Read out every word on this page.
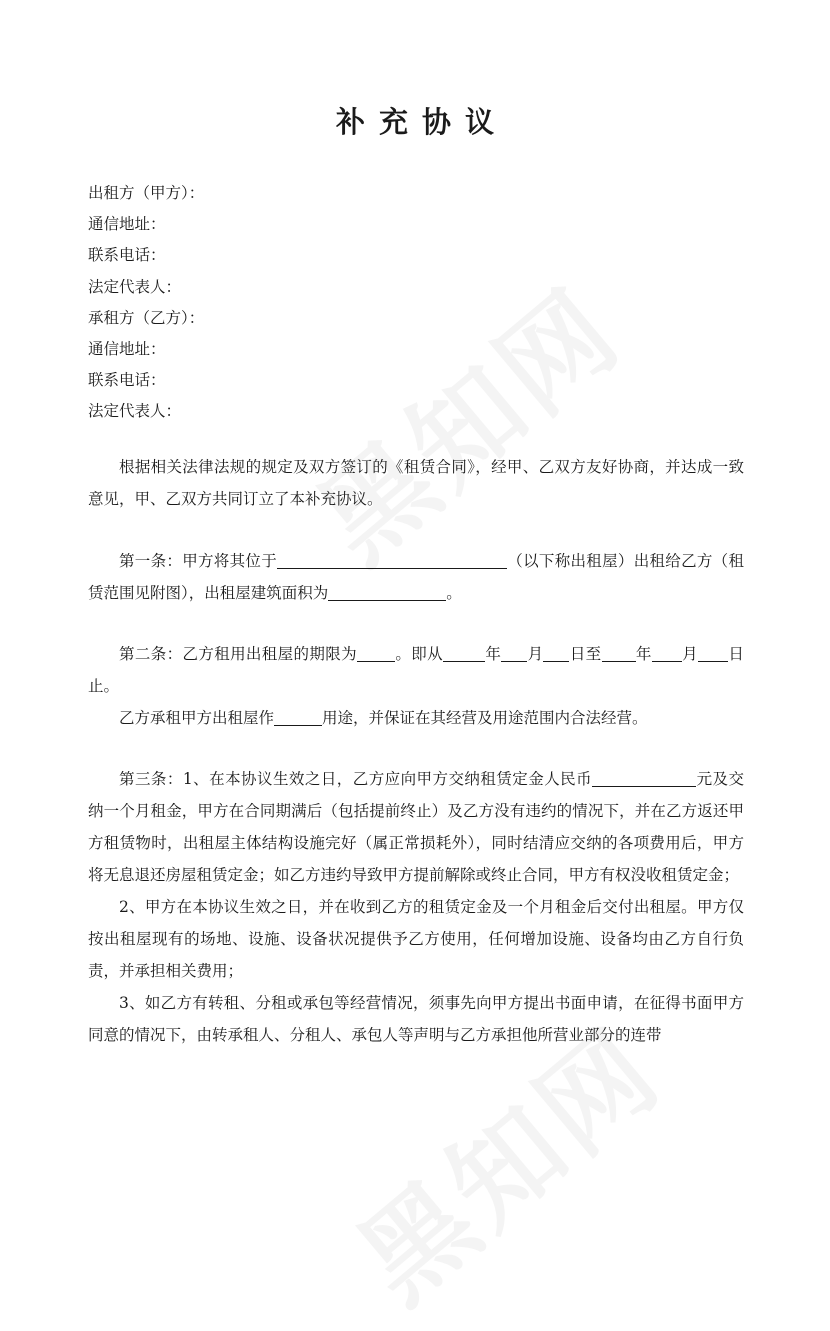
补充协议
出租方（甲方）：
通信地址：
联系电话：
法定代表人：
承租方（乙方）：
通信地址：
联系电话：
法定代表人：

根据相关法律法规的规定及双方签订的《租赁合同》，经甲、乙双方友好协商，并达成一致意见，甲、乙双方共同订立了本补充协议。

第一条：甲方将其位于	（以下称出租屋）出租给乙方（租赁范围见附图），出租屋建筑面积为	。

第二条：乙方租用出租屋的期限为 。即从	年 月 日至 年 月 日止。

乙方承租甲方出租屋作	用途，并保证在其经营及用途范围内合法经营。

第三条：1、在本协议生效之日，乙方应向甲方交纳租赁定金人民币	元及交纳一个月租金，甲方在合同期满后（包括提前终止）及乙方没有违约的情况下，并在乙方返还甲方租赁物时，出租屋主体结构设施完好（属正常损耗外），同时结清应交纳的各项费用后，甲方将无息退还房屋租赁定金；如乙方违约导致甲方提前解除或终止合同，甲方有权没收租赁定金；

2、甲方在本协议生效之日，并在收到乙方的租赁定金及一个月租金后交付出租屋。甲方仅按出租屋现有的场地、设施、设备状况提供予乙方使用，任何增加设施、设备均由乙方自行负责，并承担相关费用；

3、如乙方有转租、分租或承包等经营情况，须事先向甲方提出书面申请，在征得书面甲方同意的情况下，由转承租人、分租人、承包人等声明与乙方承担他所营业部分的连带
